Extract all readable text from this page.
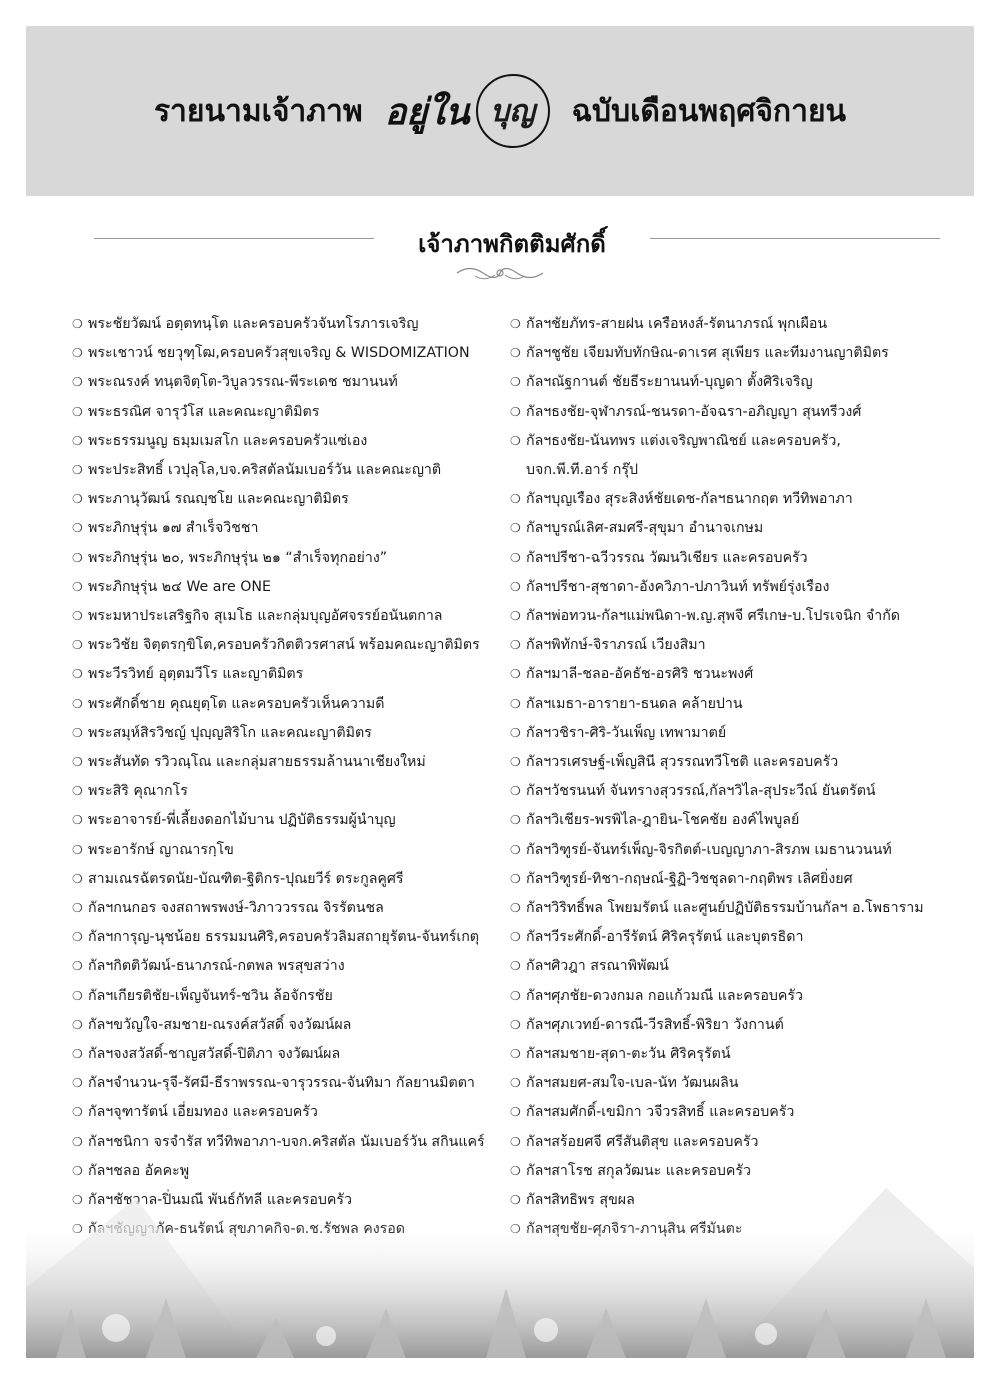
รายนามเจ้าภาพ อยู่ใน บุญ ฉบับเดือนพฤศจิกายน
เจ้าภาพกิตติมศักดิ์
❍ พระชัยวัฒน์ อตฺตทนฺโต และครอบครัวจันทโรภารเจริญ
❍ พระเชาวน์ ชยวุฑฺโฒ,ครอบครัวสุขเจริญ & WISDOMIZATION
❍ พระณรงค์ ทนฺตจิตฺโต-วิบูลวรรณ-พีระเดช ชมานนท์
❍ พระธรณิศ จารุวํโส และคณะญาติมิตร
❍ พระธรรมนูญ ธมฺมเมสโก และครอบครัวแซ่เอง
❍ พระประสิทธิ์ เวปุลฺโล,บจ.คริสตัลนัมเบอร์วัน และคณะญาติ
❍ พระภานุวัฒน์ รณญฺชโย และคณะญาติมิตร
❍ พระภิกษุรุ่น ๑๗ สำเร็จวิชชา
❍ พระภิกษุรุ่น ๒๐, พระภิกษุรุ่น ๒๑ “สำเร็จทุกอย่าง”
❍ พระภิกษุรุ่น ๒๔ We are ONE
❍ พระมหาประเสริฐกิจ สุเมโธ และกลุ่มบุญอัศจรรย์อนันตกาล
❍ พระวิชัย จิตฺตรกฺขิโต,ครอบครัวกิตติวรศาสน์ พร้อมคณะญาติมิตร
❍ พระวีรวิทย์ อุตฺตมวีโร และญาติมิตร
❍ พระศักดิ์ชาย คุณยุตฺโต และครอบครัวเห็นความดี
❍ พระสมุห์สิรวิชญ์ ปุญฺญสิริโก และคณะญาติมิตร
❍ พระสันทัด รวิวณฺโณ และกลุ่มสายธรรมล้านนาเชียงใหม่
❍ พระสิริ คุณากโร
❍ พระอาจารย์-พี่เลี้ยงดอกไม้บาน ปฏิบัติธรรมผู้นำบุญ
❍ พระอารักษ์ ญาณารกฺโข
❍ สามเณรฉัตรดนัย-บัณฑิต-ฐิติกร-ปุณยวีร์ ตระกูลคูศรี
❍ กัลฯกนกอร จงสถาพรพงษ์-วิภาววรรณ จิรรัตนชล
❍ กัลฯการุญ-นุชน้อย ธรรมมนศิริ,ครอบครัวลิมสถายุรัตน-จันทร์เกตุ
❍ กัลฯกิตติวัฒน์-ธนาภรณ์-กตพล พรสุขสว่าง
❍ กัลฯเกียรติชัย-เพ็ญจันทร์-ชวิน ล้อจักรชัย
❍ กัลฯขวัญใจ-สมชาย-ณรงค์สวัสดิ์ จงวัฒน์ผล
❍ กัลฯจงสวัสดิ์-ชาญสวัสดิ์-ปิติภา จงวัฒน์ผล
❍ กัลฯจำนวน-รุจี-รัศมี-ธีราพรรณ-จารุวรรณ-จันทิมา กัลยานมิตตา
❍ กัลฯจุฑารัตน์ เอี่ยมทอง และครอบครัว
❍ กัลฯชนิกา จรจำรัส ทวีทิพอาภา-บจก.คริสตัล นัมเบอร์วัน สกินแคร์
❍ กัลฯชลอ อัคคะพู
❍ กัลฯชัชวาล-ปิ่นมณี พันธ์กัทลี และครอบครัว
❍ กัลฯชัยภัทร-สายฝน เครือหงส์-รัตนาภรณ์ พุกเผือน
❍ กัลฯชูชัย เจียมทับทักษิณ-ดาเรศ สุเพียร และทีมงานญาติมิตร
❍ กัลฯณัฐกานต์ ชัยธีระยานนท์-บุญดา ตั้งศิริเจริญ
❍ กัลฯธงชัย-จุฬาภรณ์-ชนรดา-อัจฉรา-อภิญญา สุนทรีวงศ์
❍ กัลฯธงชัย-นันทพร แต่งเจริญพาณิชย์ และครอบครัว,
บจก.พี.ที.อาร์ กรุ๊ป
❍ กัลฯบุญเรือง สุระสิงห์ชัยเดช-กัลฯธนากฤต ทวีทิพอาภา
❍ กัลฯบูรณ์เลิศ-สมศรี-สุขุมา อำนาจเกษม
❍ กัลฯปรีชา-ฉวีวรรณ วัฒนวิเชียร และครอบครัว
❍ กัลฯปรีชา-สุชาดา-อังควิภา-ปภาวินท์ ทรัพย์รุ่งเรือง
❍ กัลฯพ่อทวน-กัลฯแม่พนิดา-พ.ญ.สุพจี ศรีเกษ-บ.โปรเจนิก จำกัด
❍ กัลฯพิทักษ์-จิราภรณ์ เวียงสิมา
❍ กัลฯมาลี-ชลอ-อัคธัช-อรศิริ ชวนะพงศ์
❍ กัลฯเมธา-อารายา-ธนดล คล้ายปาน
❍ กัลฯวชิรา-ศิริ-วันเพ็ญ เทพามาตย์
❍ กัลฯวรเศรษฐ์-เพ็ญสินี สุวรรณทวีโชติ และครอบครัว
❍ กัลฯวัชรนนท์ จันทรางสุวรรณ์,กัลฯวิไล-สุประวีณ์ ยันตรัตน์
❍ กัลฯวิเชียร-พรพิไล-ฎายิน-โชคชัย องค์ไพบูลย์
❍ กัลฯวิฑูรย์-จันทร์เพ็ญ-จิรกิตต์-เบญญาภา-สิรภพ เมธานวนนท์
❍ กัลฯวิฑูรย์-ทิชา-กฤษณ์-ฐิฏิ-วิชชุลดา-กฤติพร เลิศยิ่งยศ
❍ กัลฯวิริทธิ์พล โพยมรัตน์ และศูนย์ปฏิบัติธรรมบ้านกัลฯ อ.โพธาราม
❍ กัลฯวีระศักดิ์-อารีรัตน์ ศิริครุรัตน์ และบุตรธิดา
❍ กัลฯศิวฎา สรณาพิพัฒน์
❍ กัลฯศุภชัย-ดวงกมล กอแก้วมณี และครอบครัว
❍ กัลฯศุภเวทย์-ดารณี-วีรสิทธิ์-พิริยา วังกานต์
❍ กัลฯสมชาย-สุดา-ตะวัน ศิริครุรัตน์
❍ กัลฯสมยศ-สมใจ-เบล-นัท วัฒนผลิน
❍ กัลฯสมศักดิ์-เขมิกา วจีวรสิทธิ์ และครอบครัว
❍ กัลฯสร้อยศจี ศรีสันติสุข และครอบครัว
❍ กัลฯสาโรช สกุลวัฒนะ และครอบครัว
❍ กัลฯสิทธิพร สุขผล
